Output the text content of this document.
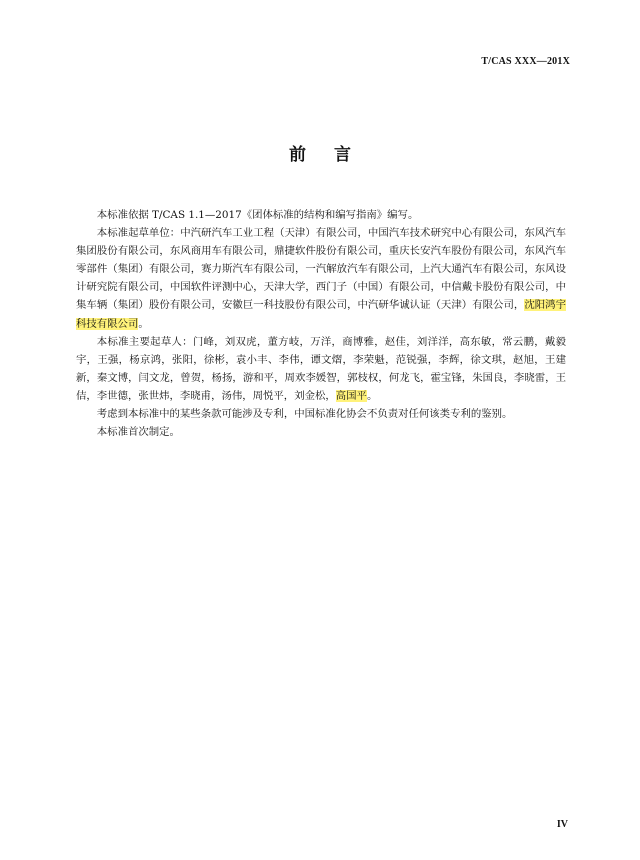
T/CAS XXX—201X
前 言

本标准依据 T/CAS 1.1—2017《团体标准的结构和编写指南》编写。

本标准起草单位：中汽研汽车工业工程（天津）有限公司，中国汽车技术研究中心有限公司，东风汽车集团股份有限公司，东风商用车有限公司，鼎捷软件股份有限公司，重庆长安汽车股份有限公司，东风汽车零部件（集团）有限公司，赛力斯汽车有限公司，一汽解放汽车有限公司，上汽大通汽车有限公司，东风设计研究院有限公司，中国软件评测中心，天津大学，西门子（中国）有限公司，中信戴卡股份有限公司，中集车辆（集团）股份有限公司，安徽巨一科技股份有限公司，中汽研华诚认证（天津）有限公司，沈阳鸿宇科技有限公司。

本标准主要起草人：门峰，刘双虎，董方岐，万洋，商博雅，赵佳，刘洋洋，高东敏，常云鹏，戴毅宇，王强，杨京鸿，张阳，徐彬，袁小丰、李伟，谭文熠，李荣魁，范锐强，李辉，徐文琪，赵旭，王建新，秦文博，闫文龙，曾贺，杨扬，游和平，周欢李媛智，郭枝权，何龙飞，霍宝锋，朱国良，李晓雷，王佶，李世德，张世炜，李晓甫，汤伟，周悦平，刘金松，高国平。

考虑到本标准中的某些条款可能涉及专利，中国标准化协会不负责对任何该类专利的鉴别。

本标准首次制定。

IV
